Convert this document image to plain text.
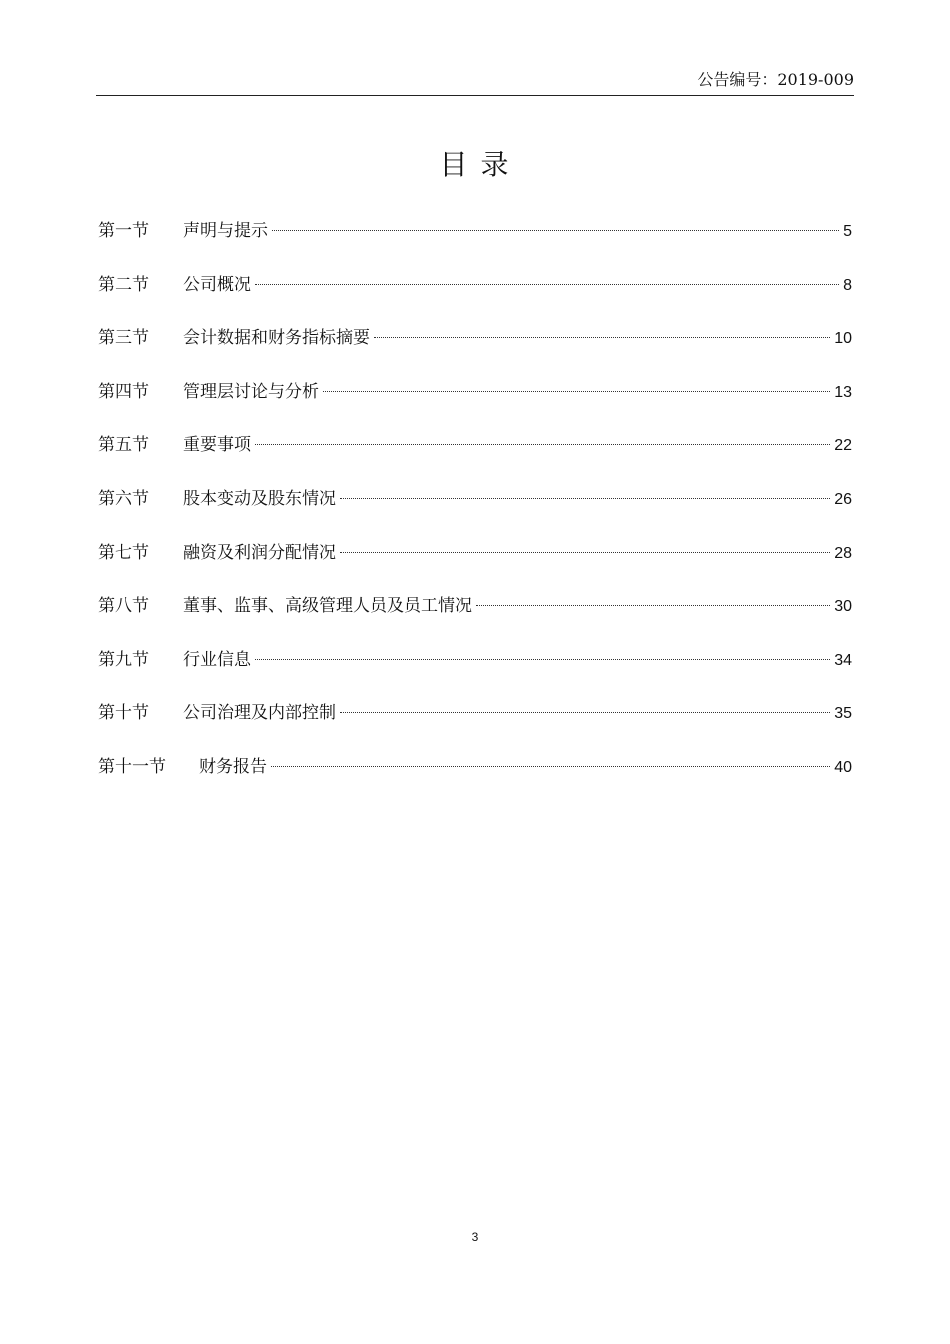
公告编号：2019-009
目 录
第一节	声明与提示	5
第二节	公司概况	8
第三节	会计数据和财务指标摘要	10
第四节	管理层讨论与分析	13
第五节	重要事项	22
第六节	股本变动及股东情况	26
第七节	融资及利润分配情况	28
第八节	董事、监事、高级管理人员及员工情况	30
第九节	行业信息	34
第十节	公司治理及内部控制	35
第十一节	财务报告	40
3
